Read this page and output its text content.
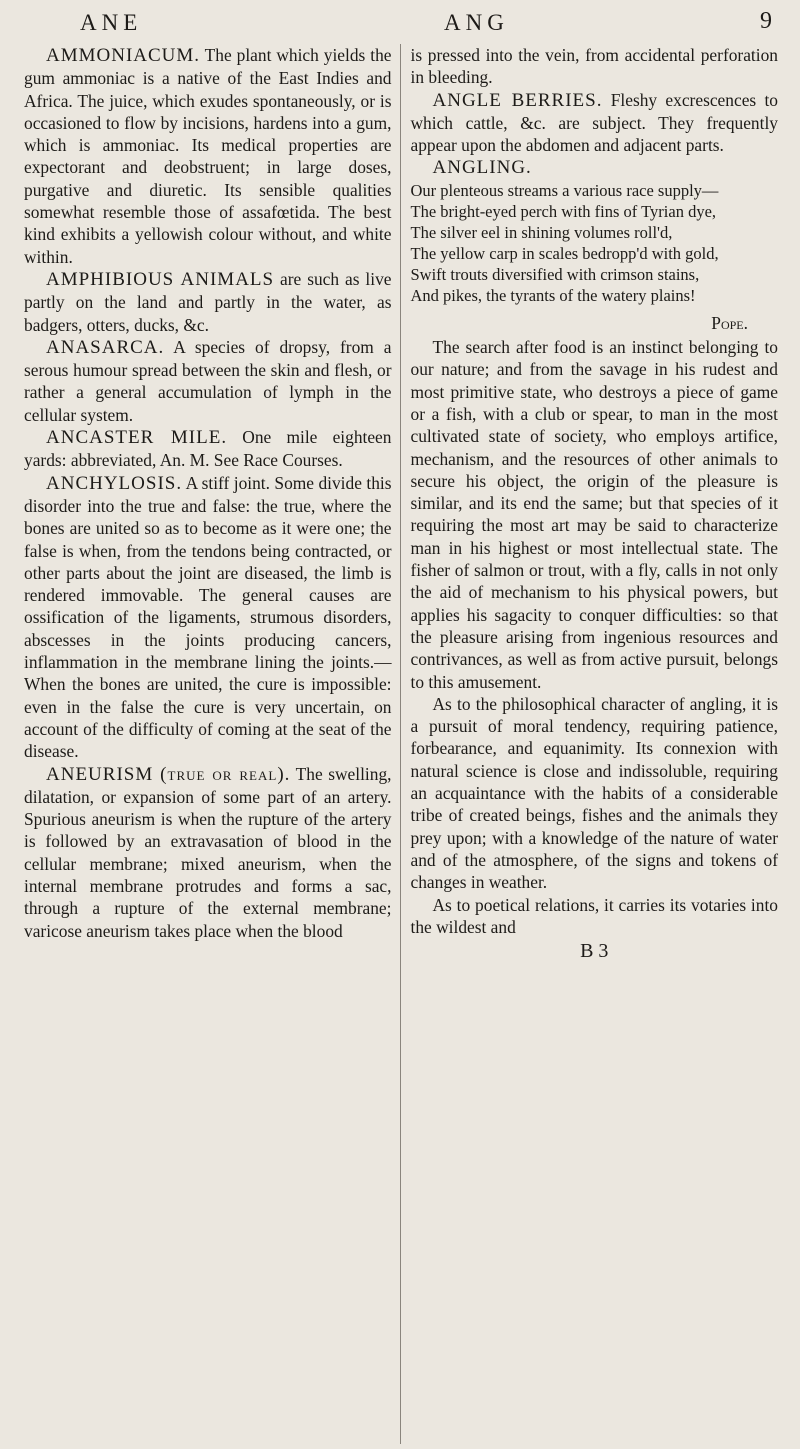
ANE	ANG	9

AMMONIACUM. The plant which yields the gum ammoniac is a native of the East Indies and Africa. The juice, which exudes spontaneously, or is occasioned to flow by incisions, hardens into a gum, which is ammoniac. Its medical properties are expectorant and deobstruent; in large doses, purgative and diuretic. Its sensible qualities somewhat resemble those of assafœtida. The best kind exhibits a yellowish colour without, and white within.

AMPHIBIOUS ANIMALS are such as live partly on the land and partly in the water, as badgers, otters, ducks, &c.

ANASARCA. A species of dropsy, from a serous humour spread between the skin and flesh, or rather a general accumulation of lymph in the cellular system.

ANCASTER MILE. One mile eighteen yards: abbreviated, An. M. See Race Courses.

ANCHYLOSIS. A stiff joint. Some divide this disorder into the true and false: the true, where the bones are united so as to become as it were one; the false is when, from the tendons being contracted, or other parts about the joint are diseased, the limb is rendered immovable. The general causes are ossification of the ligaments, strumous disorders, abscesses in the joints producing cancers, inflammation in the membrane lining the joints.—When the bones are united, the cure is impossible: even in the false the cure is very uncertain, on account of the difficulty of coming at the seat of the disease.

ANEURISM (true or real). The swelling, dilatation, or expansion of some part of an artery. Spurious aneurism is when the rupture of the artery is followed by an extravasation of blood in the cellular membrane; mixed aneurism, when the internal membrane protrudes and forms a sac, through a rupture of the external membrane; varicose aneurism takes place when the blood

is pressed into the vein, from accidental perforation in bleeding.

ANGLE BERRIES. Fleshy excrescences to which cattle, &c. are subject. They frequently appear upon the abdomen and adjacent parts.

ANGLING.

Our plenteous streams a various race supply—
The bright-eyed perch with fins of Tyrian dye,
The silver eel in shining volumes roll'd,
The yellow carp in scales bedropp'd with gold,
Swift trouts diversified with crimson stains,
And pikes, the tyrants of the watery plains!
Pope.

The search after food is an instinct belonging to our nature; and from the savage in his rudest and most primitive state, who destroys a piece of game or a fish, with a club or spear, to man in the most cultivated state of society, who employs artifice, mechanism, and the resources of other animals to secure his object, the origin of the pleasure is similar, and its end the same; but that species of it requiring the most art may be said to characterize man in his highest or most intellectual state. The fisher of salmon or trout, with a fly, calls in not only the aid of mechanism to his physical powers, but applies his sagacity to conquer difficulties: so that the pleasure arising from ingenious resources and contrivances, as well as from active pursuit, belongs to this amusement.

As to the philosophical character of angling, it is a pursuit of moral tendency, requiring patience, forbearance, and equanimity. Its connexion with natural science is close and indissoluble, requiring an acquaintance with the habits of a considerable tribe of created beings, fishes and the animals they prey upon; with a knowledge of the nature of water and of the atmosphere, of the signs and tokens of changes in weather.

As to poetical relations, it carries its votaries into the wildest and

B 3
